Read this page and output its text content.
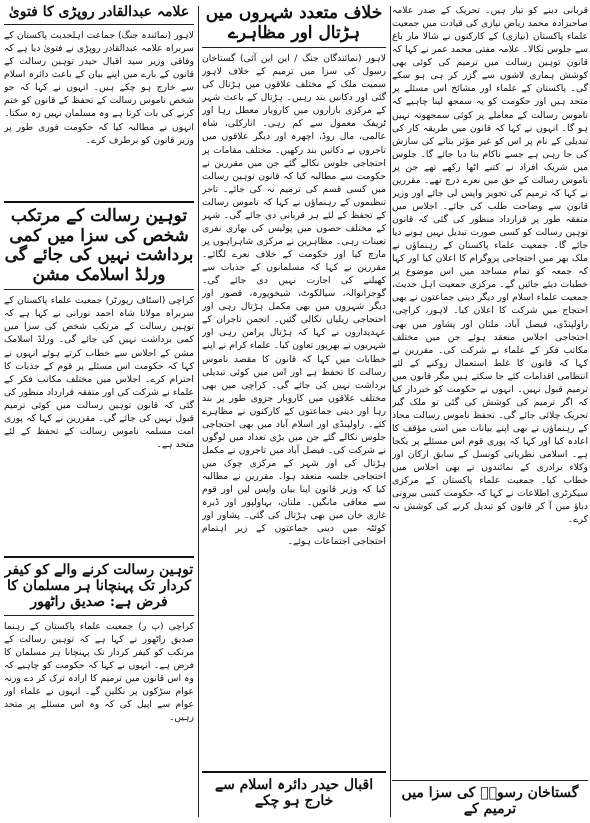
قربانی دینے کو تیار ہیں۔ تحریک کے صدر علامہ صاحبزادہ محمد ریاض نیازی کی قیادت میں جمعیت علماء پاکستان (نیازی) کے کارکنوں نے شالا مار باغ سے جلوس نکالا۔ علامہ مفتی محمد عمر نے کہا کہ قانون توہین رسالت میں ترمیم کی کوئی بھی کوشش ہماری لاشوں سے گزر کر ہی ہو سکے گی۔ پاکستان کے علماء اور مشائخ اس مسئلے پر متحد ہیں اور حکومت کو یہ سمجھ لینا چاہیے کہ ناموس رسالت کے معاملے پر کوئی سمجھوتہ نہیں ہو گا۔ انہوں نے کہا کہ قانون میں طریقہ کار کی تبدیلی کے نام پر اس کو غیر مؤثر بنانے کی سازش کی جا رہی ہے جسے ناکام بنا دیا جائے گا۔ جلوس میں شریک افراد نے کتبے اٹھا رکھے تھے جن پر ناموس رسالت کے حق میں نعرے درج تھے۔ مقررین نے کہا کہ ترمیم کی تجویز واپس لی جائے اور وزیر قانون سے وضاحت طلب کی جائے۔ اجلاس میں متفقہ طور پر قرارداد منظور کی گئی کہ قانون توہین رسالت کو کسی صورت تبدیل نہیں ہونے دیا جائے گا۔ جمعیت علماء پاکستان کے رہنماؤں نے ملک بھر میں احتجاجی پروگرام کا اعلان کیا اور کہا کہ جمعہ کو تمام مساجد میں اس موضوع پر خطبات دیئے جائیں گے۔ مرکزی جمعیت اہل حدیث، جمعیت علماء اسلام اور دیگر دینی جماعتوں نے بھی احتجاج میں شرکت کا اعلان کیا۔ لاہور، کراچی، راولپنڈی، فیصل آباد، ملتان اور پشاور میں بھی احتجاجی اجلاس منعقد ہوئے جن میں مختلف مکاتب فکر کے علماء نے شرکت کی۔ مقررین نے کہا کہ قانون کا غلط استعمال روکنے کے لئے انتظامی اقدامات کئے جا سکتے ہیں مگر قانون میں ترمیم قبول نہیں۔ انہوں نے حکومت کو خبردار کیا کہ اگر ترمیم کی کوشش کی گئی تو ملک گیر تحریک چلائی جائے گی۔ تحفظ ناموس رسالت محاذ کے رہنماؤں نے بھی اپنے بیانات میں اسی مؤقف کا اعادہ کیا اور کہا کہ پوری قوم اس مسئلے پر یکجا ہے۔ اسلامی نظریاتی کونسل کے سابق ارکان اور وکلاء برادری کے نمائندوں نے بھی اجلاس میں خطاب کیا۔ جمعیت علماء پاکستان کے مرکزی سیکرٹری اطلاعات نے کہا کہ حکومت کسی بیرونی دباؤ میں آ کر قانون کو تبدیل کرنے کی کوشش نہ کرے۔

گستاخان رسولؐ کی سزا میں ترمیم کے
خلاف متعدد شہروں میں ہڑتال اور مظاہرے

لاہور (نمائندگان جنگ / این این آئی) گستاخان رسول کی سزا میں ترمیم کے خلاف لاہور سمیت ملک کے مختلف علاقوں میں ہڑتال کی گئی اور دکانیں بند رہیں۔ ہڑتال کے باعث شہر کے مرکزی بازاروں میں کاروبار معطل رہا اور ٹریفک معمول سے کم رہی۔ انارکلی، شاہ عالمی، مال روڈ، اچھرہ اور دیگر علاقوں میں تاجروں نے دکانیں بند رکھیں۔ مختلف مقامات پر احتجاجی جلوس نکالے گئے جن میں مقررین نے حکومت سے مطالبہ کیا کہ قانون توہین رسالت میں کسی قسم کی ترمیم نہ کی جائے۔ تاجر تنظیموں کے رہنماؤں نے کہا کہ ناموس رسالت کے تحفظ کے لئے ہر قربانی دی جائے گی۔ شہر کے مختلف حصوں میں پولیس کی بھاری نفری تعینات رہی۔ مظاہرین نے مرکزی شاہراہوں پر مارچ کیا اور حکومت کے خلاف نعرے لگائے۔ مقررین نے کہا کہ مسلمانوں کے جذبات سے کھیلنے کی اجازت نہیں دی جائے گی۔ گوجرانوالہ، سیالکوٹ، شیخوپورہ، قصور اور دیگر شہروں میں بھی مکمل ہڑتال رہی اور احتجاجی ریلیاں نکالی گئیں۔ انجمن تاجران کے عہدیداروں نے کہا کہ ہڑتال پرامن رہی اور شہریوں نے بھرپور تعاون کیا۔ علماء کرام نے اپنے خطابات میں کہا کہ قانون کا مقصد ناموس رسالت کا تحفظ ہے اور اس میں کوئی تبدیلی برداشت نہیں کی جائے گی۔ کراچی میں بھی مختلف علاقوں میں کاروبار جزوی طور پر بند رہا اور دینی جماعتوں کے کارکنوں نے مظاہرے کئے۔ راولپنڈی اور اسلام آباد میں بھی احتجاجی جلوس نکالے گئے جن میں بڑی تعداد میں لوگوں نے شرکت کی۔ فیصل آباد میں تاجروں نے مکمل ہڑتال کی اور شہر کے مرکزی چوک میں احتجاجی جلسہ منعقد ہوا۔ مقررین نے مطالبہ کیا کہ وزیر قانون اپنا بیان واپس لیں اور قوم سے معافی مانگیں۔ ملتان، بہاولپور اور ڈیرہ غازی خان میں بھی ہڑتال کی گئی۔ پشاور اور کوئٹہ میں دینی جماعتوں کے زیر اہتمام احتجاجی اجتماعات ہوئے۔

اقبال حیدر دائرہ اسلام سے خارج ہو چکے
علامہ عبدالقادر روپڑی کا فتویٰ

لاہور (نمائندہ جنگ) جماعت اہلحدیث پاکستان کے سربراہ علامہ عبدالقادر روپڑی نے فتویٰ دیا ہے کہ وفاقی وزیر سید اقبال حیدر توہین رسالت کے قانون کے بارے میں اپنے بیان کے باعث دائرہ اسلام سے خارج ہو چکے ہیں۔ انہوں نے کہا کہ جو شخص ناموس رسالت کے تحفظ کے قانون کو ختم کرنے کی بات کرتا ہے وہ مسلمان نہیں رہ سکتا۔ انہوں نے مطالبہ کیا کہ حکومت فوری طور پر وزیر قانون کو برطرف کرے۔

توہین رسالت کے مرتکب شخص کی سزا میں کمی برداشت نہیں کی جائے گی ورلڈ اسلامک مشن

کراچی (اسٹاف رپورٹر) جمعیت علماء پاکستان کے سربراہ مولانا شاہ احمد نورانی نے کہا ہے کہ توہین رسالت کے مرتکب شخص کی سزا میں کمی برداشت نہیں کی جائے گی۔ ورلڈ اسلامک مشن کے اجلاس سے خطاب کرتے ہوئے انہوں نے کہا کہ حکومت اس مسئلے پر قوم کے جذبات کا احترام کرے۔ اجلاس میں مختلف مکاتب فکر کے علماء نے شرکت کی اور متفقہ قرارداد منظور کی گئی کہ قانون توہین رسالت میں کوئی ترمیم قبول نہیں کی جائے گی۔ مقررین نے کہا کہ پوری امت مسلمہ ناموس رسالت کے تحفظ کے لئے متحد ہے۔

توہین رسالت کرنے والے کو کیفر کردار تک پہنچانا ہر مسلمان کا فرض ہے: صدیق راٹھور

کراچی (پ ر) جمعیت علماء پاکستان کے رہنما صدیق راٹھور نے کہا ہے کہ توہین رسالت کے مرتکب کو کیفر کردار تک پہنچانا ہر مسلمان کا فرض ہے۔ انہوں نے کہا کہ حکومت کو چاہیے کہ وہ اس قانون میں ترمیم کا ارادہ ترک کر دے ورنہ عوام سڑکوں پر نکلیں گے۔ انہوں نے علماء اور عوام سے اپیل کی کہ وہ اس مسئلے پر متحد رہیں۔
